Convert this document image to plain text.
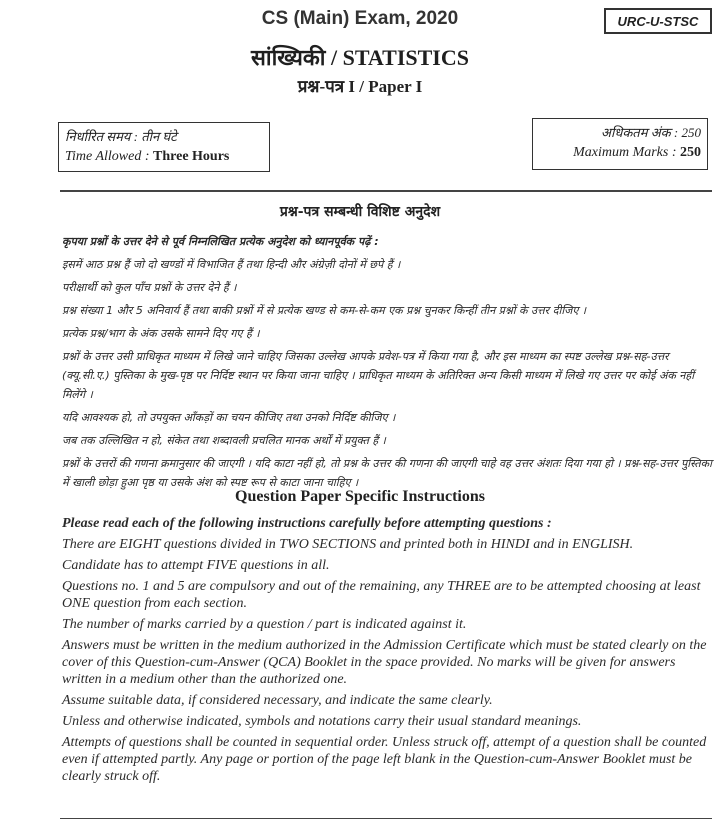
CS (Main) Exam, 2020	URC-U-STSC
सांख्यिकी / STATISTICS
प्रश्न-पत्र I / Paper I
निर्धारित समय : तीन घंटे
Time Allowed : Three Hours
अधिकतम अंक : 250
Maximum Marks : 250
प्रश्न-पत्र सम्बन्धी विशिष्ट अनुदेश

कृपया प्रश्नों के उत्तर देने से पूर्व निम्नलिखित प्रत्येक अनुदेश को ध्यानपूर्वक पढ़ें :

इसमें आठ प्रश्न हैं जो दो खण्डों में विभाजित हैं तथा हिन्दी और अंग्रेज़ी दोनों में छपे हैं ।

परीक्षार्थी को कुल पाँच प्रश्नों के उत्तर देने हैं ।

प्रश्न संख्या 1 और 5 अनिवार्य हैं तथा बाकी प्रश्नों में से प्रत्येक खण्ड से कम-से-कम एक प्रश्न चुनकर किन्हीं तीन प्रश्नों के उत्तर दीजिए ।

प्रत्येक प्रश्न/भाग के अंक उसके सामने दिए गए हैं ।

प्रश्नों के उत्तर उसी प्राधिकृत माध्यम में लिखे जाने चाहिए जिसका उल्लेख आपके प्रवेश-पत्र में किया गया है, और इस माध्यम का स्पष्ट उल्लेख प्रश्न-सह-उत्तर (क्यू.सी.ए.) पुस्तिका के मुख-पृष्ठ पर निर्दिष्ट स्थान पर किया जाना चाहिए । प्राधिकृत माध्यम के अतिरिक्त अन्य किसी माध्यम में लिखे गए उत्तर पर कोई अंक नहीं मिलेंगे ।

यदि आवश्यक हो, तो उपयुक्त आँकड़ों का चयन कीजिए तथा उनको निर्दिष्ट कीजिए ।

जब तक उल्लिखित न हो, संकेत तथा शब्दावली प्रचलित मानक अर्थों में प्रयुक्त हैं ।

प्रश्नों के उत्तरों की गणना क्रमानुसार की जाएगी । यदि काटा नहीं हो, तो प्रश्न के उत्तर की गणना की जाएगी चाहे वह उत्तर अंशतः दिया गया हो । प्रश्न-सह-उत्तर पुस्तिका में खाली छोड़ा हुआ पृष्ठ या उसके अंश को स्पष्ट रूप से काटा जाना चाहिए ।

Question Paper Specific Instructions

Please read each of the following instructions carefully before attempting questions :

There are EIGHT questions divided in TWO SECTIONS and printed both in HINDI and in ENGLISH.

Candidate has to attempt FIVE questions in all.

Questions no. 1 and 5 are compulsory and out of the remaining, any THREE are to be attempted choosing at least ONE question from each section.

The number of marks carried by a question / part is indicated against it.

Answers must be written in the medium authorized in the Admission Certificate which must be stated clearly on the cover of this Question-cum-Answer (QCA) Booklet in the space provided. No marks will be given for answers written in a medium other than the authorized one.

Assume suitable data, if considered necessary, and indicate the same clearly.

Unless and otherwise indicated, symbols and notations carry their usual standard meanings.

Attempts of questions shall be counted in sequential order. Unless struck off, attempt of a question shall be counted even if attempted partly. Any page or portion of the page left blank in the Question-cum-Answer Booklet must be clearly struck off.
